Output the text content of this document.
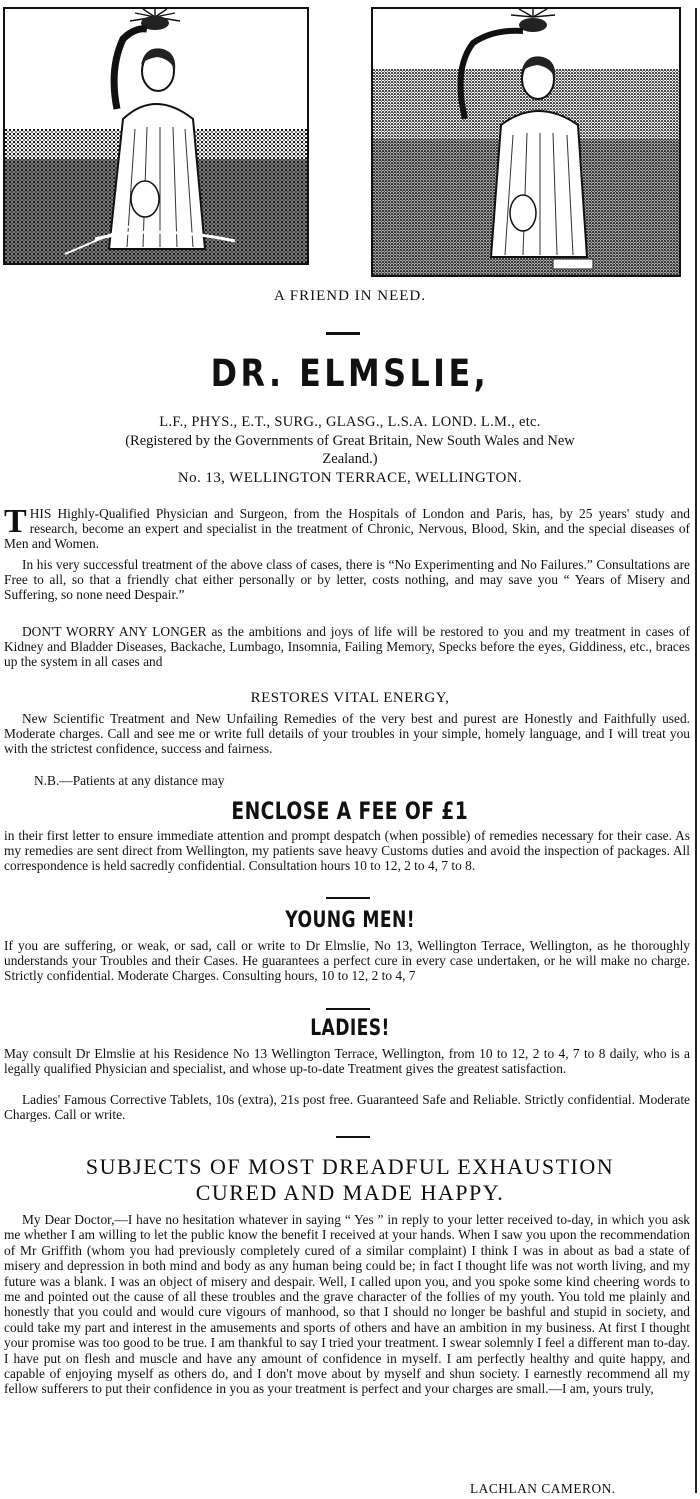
A FRIEND IN NEED.
DR. ELMSLIE,
L.F., PHYS., E.T., SURG., GLASG., L.S.A. LOND. L.M., etc.
(Registered by the Governments of Great Britain, New South Wales and New
Zealand.)
No. 13, WELLINGTON TERRACE, WELLINGTON.
THIS Highly-Qualified Physician and Surgeon, from the Hospitals of London and Paris, has, by 25 years' study and research, become an expert and specialist in the treatment of Chronic, Nervous, Blood, Skin, and the special diseases of Men and Women.
In his very successful treatment of the above class of cases, there is “No Experimenting and No Failures.” Consultations are Free to all, so that a friendly chat either personally or by letter, costs nothing, and may save you “ Years of Misery and Suffering, so none need Despair.”
DON'T WORRY ANY LONGER as the ambitions and joys of life will be restored to you and my treatment in cases of Kidney and Bladder Diseases, Backache, Lumbago, Insomnia, Failing Memory, Specks before the eyes, Giddiness, etc., braces up the system in all cases and
RESTORES VITAL ENERGY,
New Scientific Treatment and New Unfailing Remedies of the very best and purest are Honestly and Faithfully used. Moderate charges. Call and see me or write full details of your troubles in your simple, homely language, and I will treat you with the strictest confidence, success and fairness.
N.B.—Patients at any distance may
ENCLOSE A FEE OF £1
in their first letter to ensure immediate attention and prompt despatch (when possible) of remedies necessary for their case. As my remedies are sent direct from Wellington, my patients save heavy Customs duties and avoid the inspection of packages. All correspondence is held sacredly confidential. Consultation hours 10 to 12, 2 to 4, 7 to 8.
YOUNG MEN!
If you are suffering, or weak, or sad, call or write to Dr Elmslie, No 13, Wellington Terrace, Wellington, as he thoroughly understands your Troubles and their Cases. He guarantees a perfect cure in every case undertaken, or he will make no charge. Strictly confidential. Moderate Charges. Consulting hours, 10 to 12, 2 to 4, 7
LADIES!
May consult Dr Elmslie at his Residence No 13 Wellington Terrace, Wellington, from 10 to 12, 2 to 4, 7 to 8 daily, who is a legally qualified Physician and specialist, and whose up-to-date Treatment gives the greatest satisfaction.
Ladies' Famous Corrective Tablets, 10s (extra), 21s post free. Guaranteed Safe and Reliable. Strictly confidential. Moderate Charges. Call or write.
SUBJECTS OF MOST DREADFUL EXHAUSTION
CURED AND MADE HAPPY.
My Dear Doctor,—I have no hesitation whatever in saying “ Yes ” in reply to your letter received to-day, in which you ask me whether I am willing to let the public know the benefit I received at your hands. When I saw you upon the recommendation of Mr Griffith (whom you had previously completely cured of a similar complaint) I think I was in about as bad a state of misery and depression in both mind and body as any human being could be; in fact I thought life was not worth living, and my future was a blank. I was an object of misery and despair. Well, I called upon you, and you spoke some kind cheering words to me and pointed out the cause of all these troubles and the grave character of the follies of my youth. You told me plainly and honestly that you could and would cure vigours of manhood, so that I should no longer be bashful and stupid in society, and could take my part and interest in the amusements and sports of others and have an ambition in my business. At first I thought your promise was too good to be true. I am thankful to say I tried your treatment. I swear solemnly I feel a different man to-day. I have put on flesh and muscle and have any amount of confidence in myself. I am perfectly healthy and quite happy, and capable of enjoying myself as others do, and I don't move about by myself and shun society. I earnestly recommend all my fellow sufferers to put their confidence in you as your treatment is perfect and your charges are small.—I am, yours truly,
LACHLAN CAMERON.
